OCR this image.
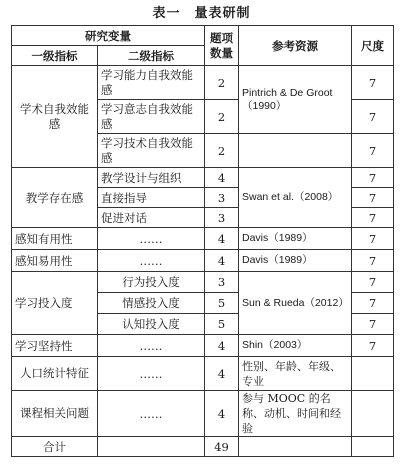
表一　量表研制
研究变量		题项数量	参考资源	尺度
一级指标	二级指标			
学术自我效能感	学习能力自我效能感	2	Pintrich & De Groot（1990）	7
	学习意志自我效能感	2		7
	学习技术自我效能感	2		7
教学存在感	教学设计与组织	4	Swan et al.（2008）	7
	直接指导	3		7
	促进对话	3		7
感知有用性	……	4	Davis（1989）	7
感知易用性	……	4	Davis（1989）	7
学习投入度	行为投入度	3	Sun & Rueda（2012）	7
	情感投入度	5		7
	认知投入度	5		7
学习坚持性	……	4	Shin（2003）	7
人口统计特征	……	4	性别、年龄、年级、专业	
课程相关问题	……	4	参与 MOOC 的名称、动机、时间和经验	
合计		49		
